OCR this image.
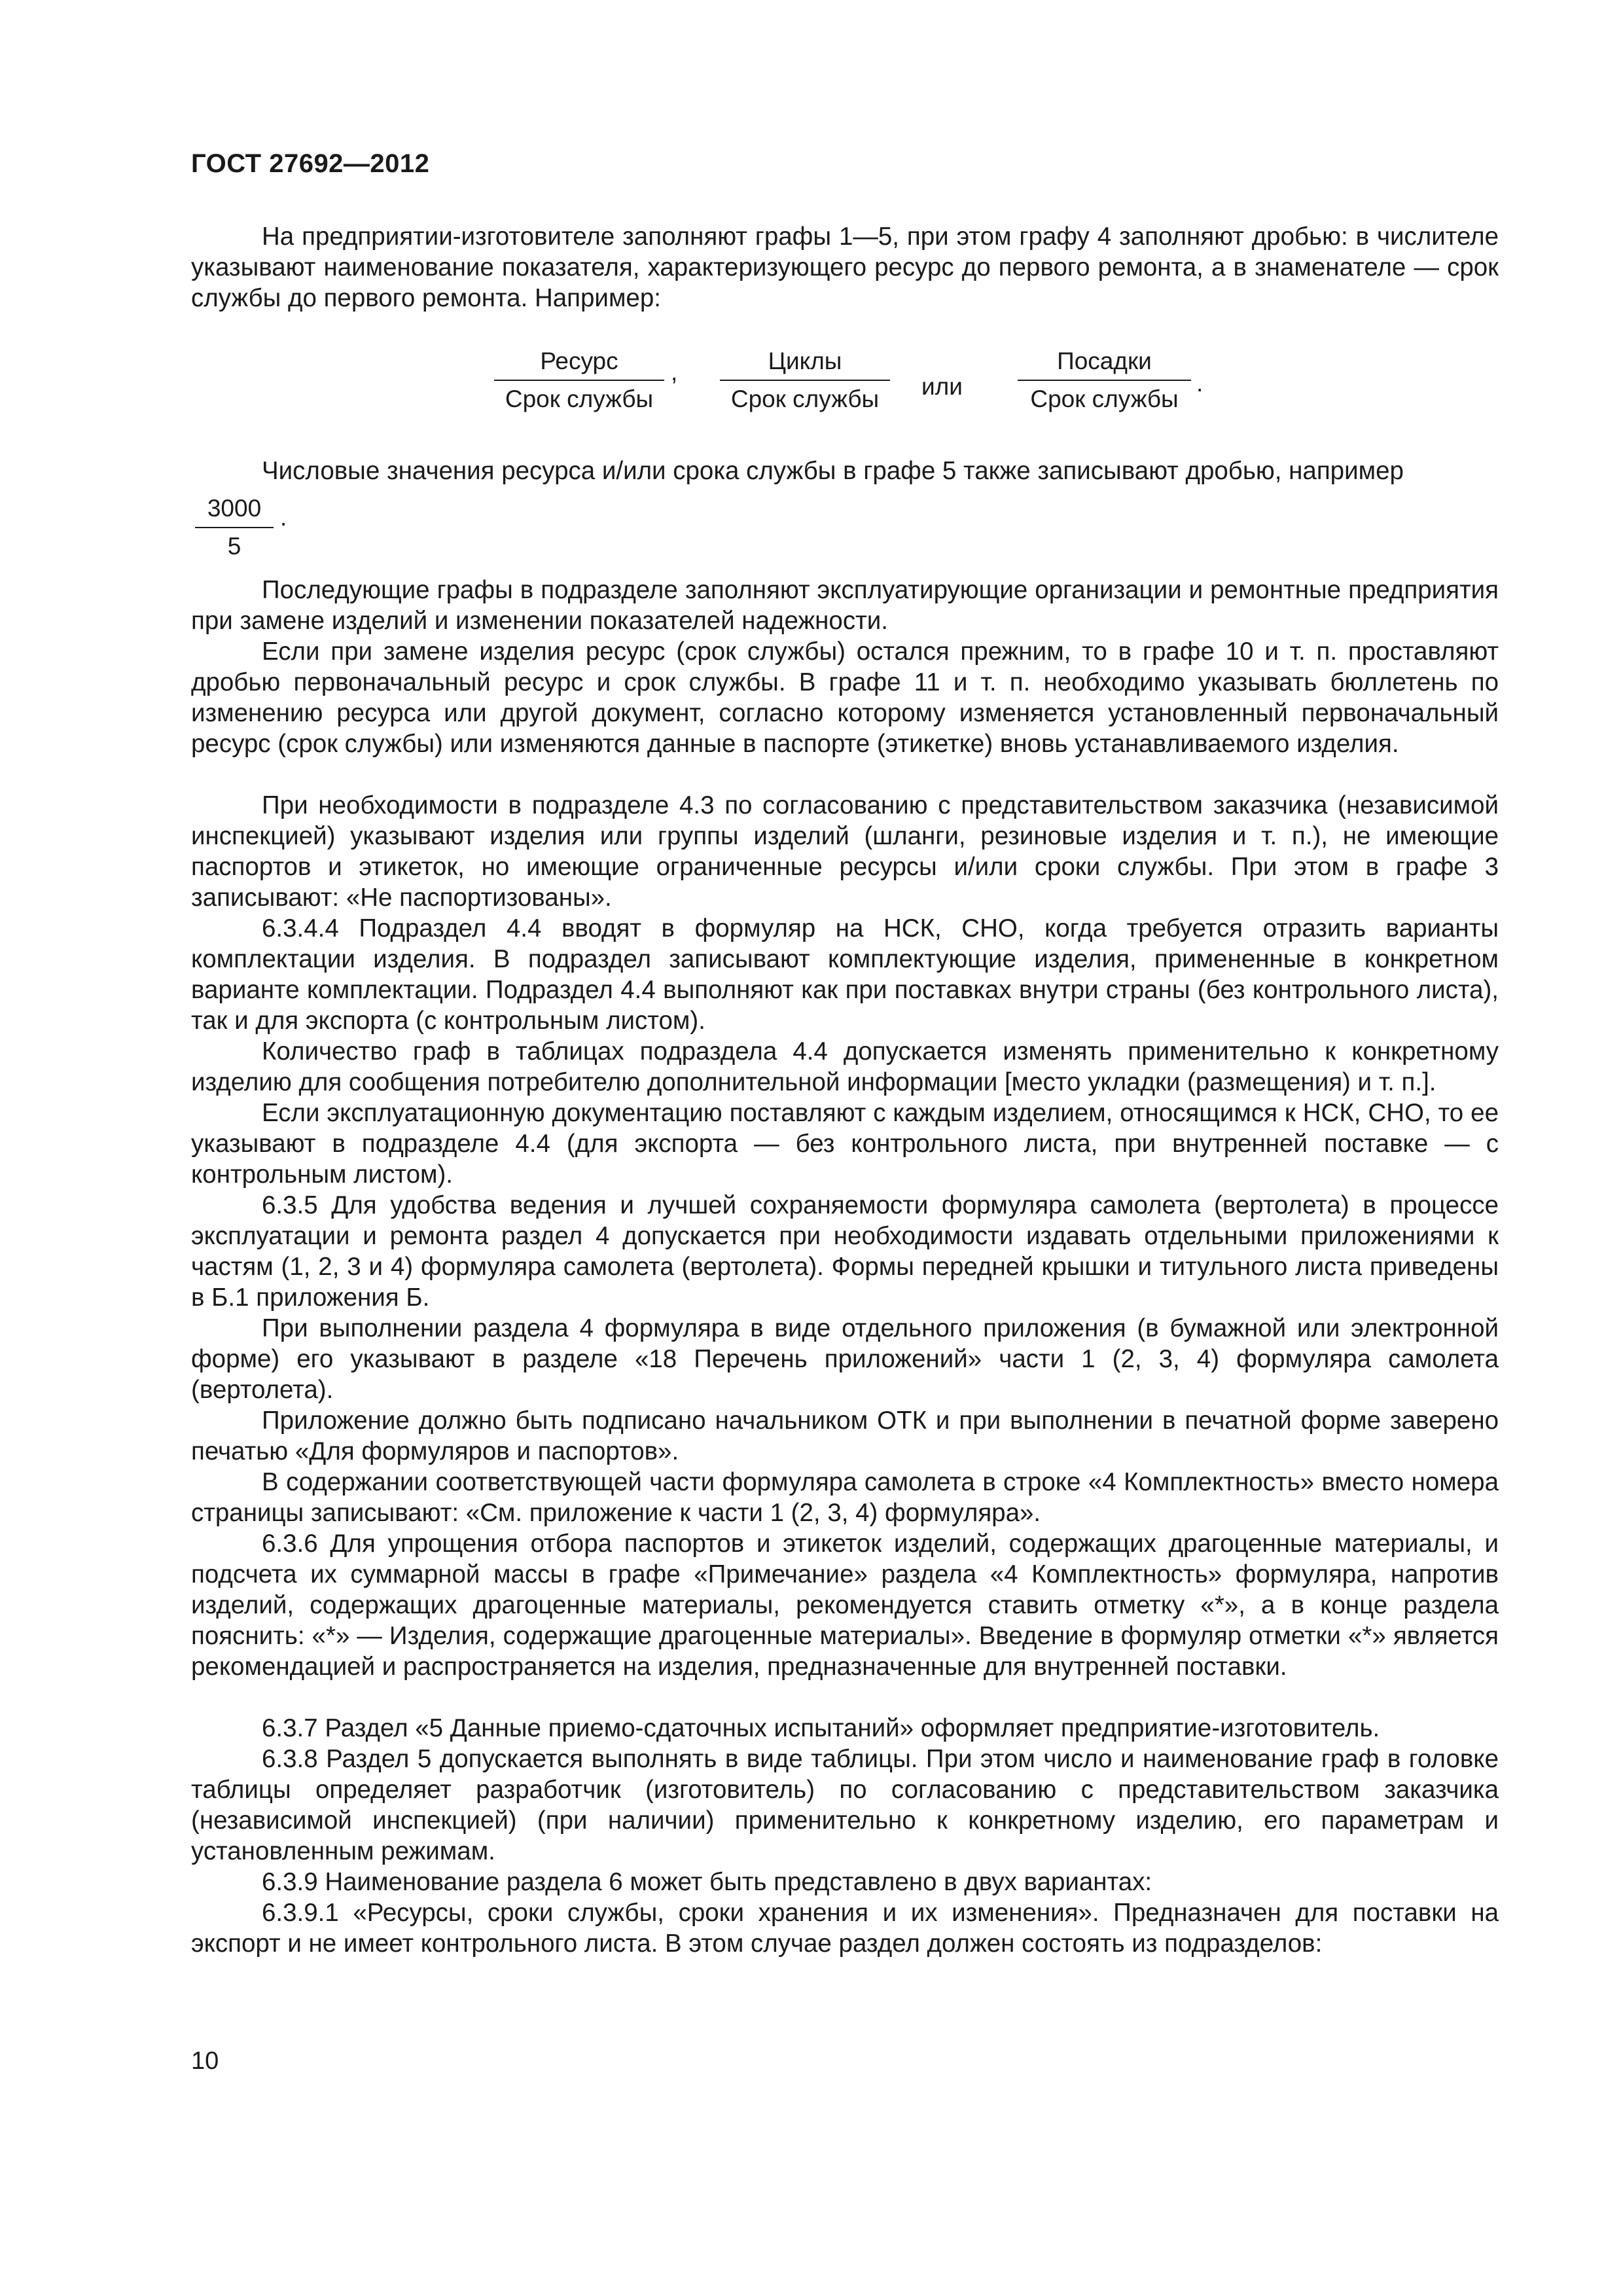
ГОСТ 27692—2012

На предприятии-изготовителе заполняют графы 1—5, при этом графу 4 заполняют дробью: в числителе указывают наименование показателя, характеризующего ресурс до первого ремонта, а в знаменателе — срок службы до первого ремонта. Например:

Ресурс
Срок службы
,	Циклы
Срок службы	или
Посадки
Срок службы
.

Числовые значения ресурса и/или срока службы в графе 5 также записывают дробью, например

$\frac{3000}{5}$ .

Последующие графы в подразделе заполняют эксплуатирующие организации и ремонтные предприятия при замене изделий и изменении показателей надежности.

Если при замене изделия ресурс (срок службы) остался прежним, то в графе 10 и т. п. проставляют дробью первоначальный ресурс и срок службы. В графе 11 и т. п. необходимо указывать бюллетень по изменению ресурса или другой документ, согласно которому изменяется установленный первоначальный ресурс (срок службы) или изменяются данные в паспорте (этикетке) вновь устанавливаемого изделия.

При необходимости в подразделе 4.3 по согласованию с представительством заказчика (независимой инспекцией) указывают изделия или группы изделий (шланги, резиновые изделия и т. п.), не имеющие паспортов и этикеток, но имеющие ограниченные ресурсы и/или сроки службы. При этом в графе 3 записывают: «Не паспортизованы».

6.3.4.4 Подраздел 4.4 вводят в формуляр на НСК, СНО, когда требуется отразить варианты комплектации изделия. В подраздел записывают комплектующие изделия, примененные в конкретном варианте комплектации. Подраздел 4.4 выполняют как при поставках внутри страны (без контрольного листа), так и для экспорта (с контрольным листом).

Количество граф в таблицах подраздела 4.4 допускается изменять применительно к конкретному изделию для сообщения потребителю дополнительной информации [место укладки (размещения) и т. п.].

Если эксплуатационную документацию поставляют с каждым изделием, относящимся к НСК, СНО, то ее указывают в подразделе 4.4 (для экспорта — без контрольного листа, при внутренней поставке — с контрольным листом).

6.3.5 Для удобства ведения и лучшей сохраняемости формуляра самолета (вертолета) в процессе эксплуатации и ремонта раздел 4 допускается при необходимости издавать отдельными приложениями к частям (1, 2, 3 и 4) формуляра самолета (вертолета). Формы передней крышки и титульного листа приведены в Б.1 приложения Б.

При выполнении раздела 4 формуляра в виде отдельного приложения (в бумажной или электронной форме) его указывают в разделе «18 Перечень приложений» части 1 (2, 3, 4) формуляра самолета (вертолета).

Приложение должно быть подписано начальником ОТК и при выполнении в печатной форме заверено печатью «Для формуляров и паспортов».

В содержании соответствующей части формуляра самолета в строке «4 Комплектность» вместо номера страницы записывают: «См. приложение к части 1 (2, 3, 4) формуляра».

6.3.6 Для упрощения отбора паспортов и этикеток изделий, содержащих драгоценные материалы, и подсчета их суммарной массы в графе «Примечание» раздела «4 Комплектность» формуляра, напротив изделий, содержащих драгоценные материалы, рекомендуется ставить отметку «*», а в конце раздела пояснить: «*» — Изделия, содержащие драгоценные материалы». Введение в формуляр отметки «*» является рекомендацией и распространяется на изделия, предназначенные для внутренней поставки.

6.3.7 Раздел «5 Данные приемо-сдаточных испытаний» оформляет предприятие-изготовитель.

6.3.8 Раздел 5 допускается выполнять в виде таблицы. При этом число и наименование граф в головке таблицы определяет разработчик (изготовитель) по согласованию с представительством заказчика (независимой инспекцией) (при наличии) применительно к конкретному изделию, его параметрам и установленным режимам.

6.3.9 Наименование раздела 6 может быть представлено в двух вариантах:

6.3.9.1 «Ресурсы, сроки службы, сроки хранения и их изменения». Предназначен для поставки на экспорт и не имеет контрольного листа. В этом случае раздел должен состоять из подразделов:

10
